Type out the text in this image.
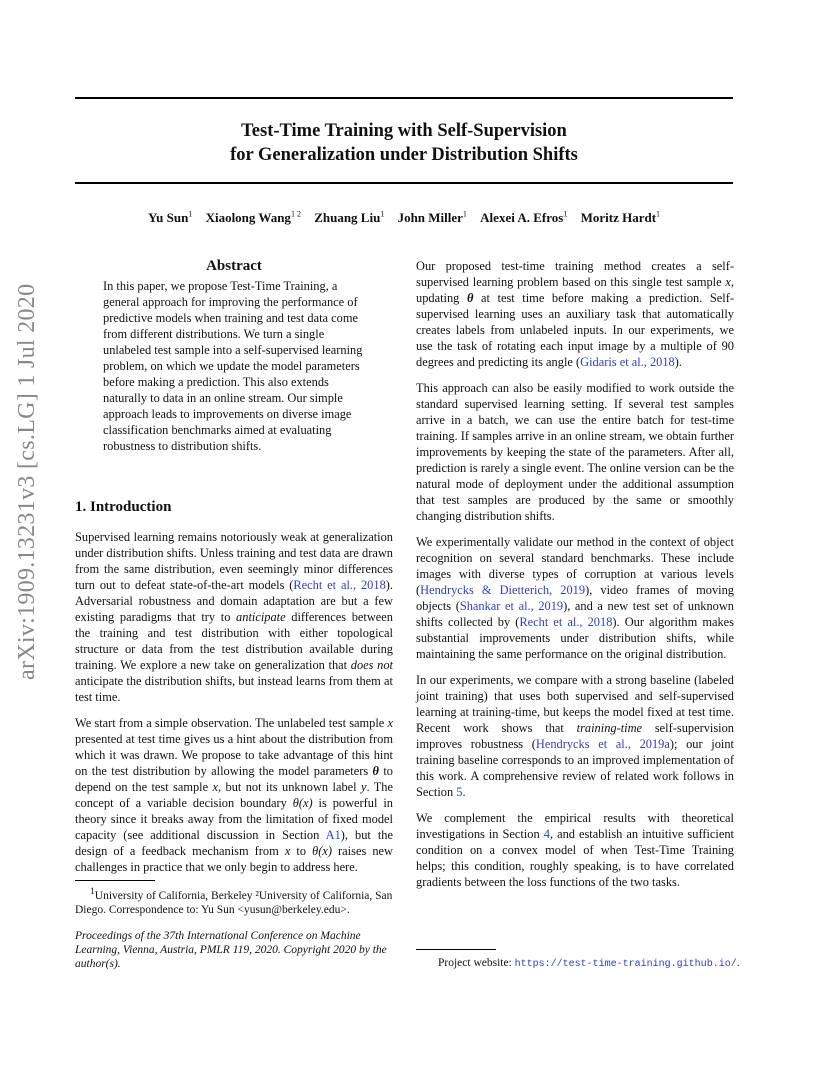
Test-Time Training with Self-Supervision
for Generalization under Distribution Shifts
Yu Sun$^1$ Xiaolong Wang$^{1 2}$ Zhuang Liu$^1$ John Miller$^1$ Alexei A. Efros$^1$ Moritz Hardt$^1$
arXiv:1909.13231v3 [cs.LG] 1 Jul 2020
Abstract
In this paper, we propose Test-Time Training, a general approach for improving the performance of predictive models when training and test data come from different distributions. We turn a single unlabeled test sample into a self-supervised learning problem, on which we update the model parameters before making a prediction. This also extends naturally to data in an online stream. Our simple approach leads to improvements on diverse image classification benchmarks aimed at evaluating robustness to distribution shifts.
1. Introduction

Supervised learning remains notoriously weak at generalization under distribution shifts. Unless training and test data are drawn from the same distribution, even seemingly minor differences turn out to defeat state-of-the-art models (Recht et al., 2018). Adversarial robustness and domain adaptation are but a few existing paradigms that try to anticipate differences between the training and test distribution with either topological structure or data from the test distribution available during training. We explore a new take on generalization that does not anticipate the distribution shifts, but instead learns from them at test time.

We start from a simple observation. The unlabeled test sample x presented at test time gives us a hint about the distribution from which it was drawn. We propose to take advantage of this hint on the test distribution by allowing the model parameters θ to depend on the test sample x, but not its unknown label y. The concept of a variable decision boundary θ(x) is powerful in theory since it breaks away from the limitation of fixed model capacity (see additional discussion in Section A1), but the design of a feedback mechanism from x to θ(x) raises new challenges in practice that we only begin to address here.

$^1$University of California, Berkeley ²University of California, San Diego. Correspondence to: Yu Sun <yusun@berkeley.edu>.
Proceedings of the 37th International Conference on Machine Learning, Vienna, Austria, PMLR 119, 2020. Copyright 2020 by the author(s).

Our proposed test-time training method creates a self-supervised learning problem based on this single test sample x, updating θ at test time before making a prediction. Self-supervised learning uses an auxiliary task that automatically creates labels from unlabeled inputs. In our experiments, we use the task of rotating each input image by a multiple of 90 degrees and predicting its angle (Gidaris et al., 2018).

This approach can also be easily modified to work outside the standard supervised learning setting. If several test samples arrive in a batch, we can use the entire batch for test-time training. If samples arrive in an online stream, we obtain further improvements by keeping the state of the parameters. After all, prediction is rarely a single event. The online version can be the natural mode of deployment under the additional assumption that test samples are produced by the same or smoothly changing distribution shifts.

We experimentally validate our method in the context of object recognition on several standard benchmarks. These include images with diverse types of corruption at various levels (Hendrycks & Dietterich, 2019), video frames of moving objects (Shankar et al., 2019), and a new test set of unknown shifts collected by (Recht et al., 2018). Our algorithm makes substantial improvements under distribution shifts, while maintaining the same performance on the original distribution.

In our experiments, we compare with a strong baseline (labeled joint training) that uses both supervised and self-supervised learning at training-time, but keeps the model fixed at test time. Recent work shows that training-time self-supervision improves robustness (Hendrycks et al., 2019a); our joint training baseline corresponds to an improved implementation of this work. A comprehensive review of related work follows in Section 5.

We complement the empirical results with theoretical investigations in Section 4, and establish an intuitive sufficient condition on a convex model of when Test-Time Training helps; this condition, roughly speaking, is to have correlated gradients between the loss functions of the two tasks.

Project website: https://test-time-training.github.io/.
